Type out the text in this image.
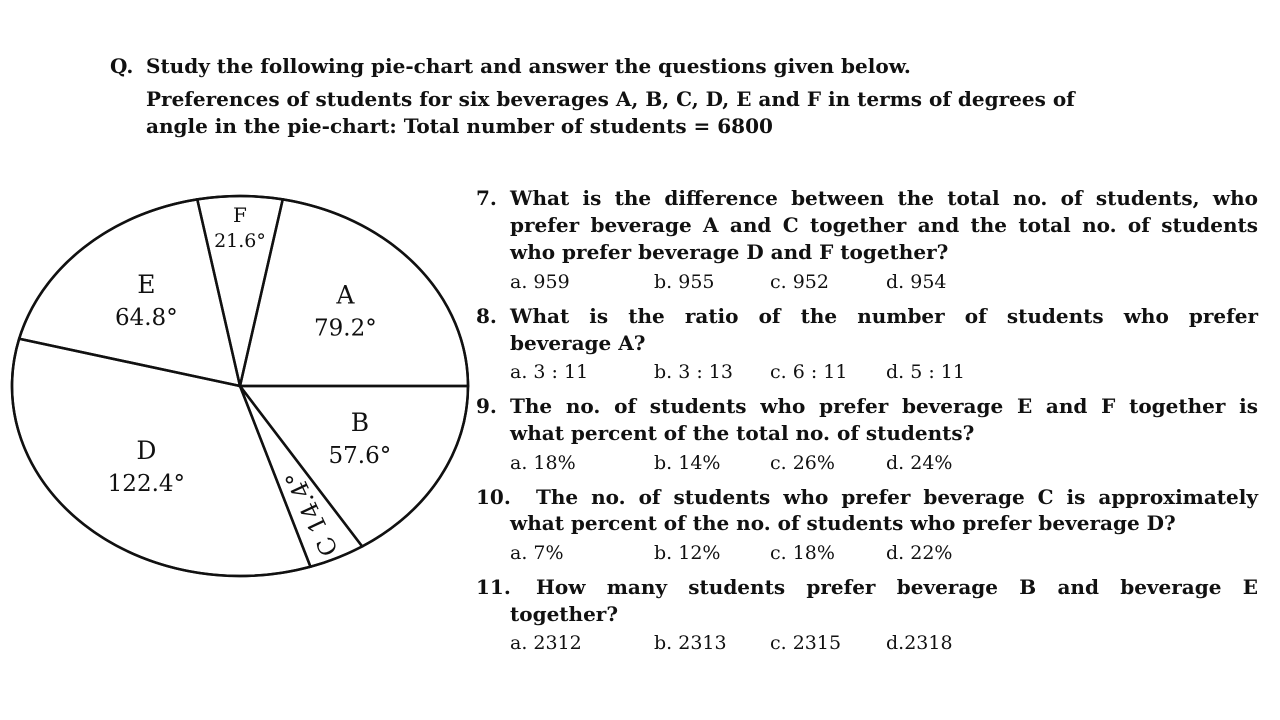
Q. Study the following pie-chart and answer the questions given below.
Preferences of students for six beverages A, B, C, D, E and F in terms of degrees of
angle in the pie-chart: Total number of students = 6800
A
79.2°
F
21.6°
E
64.8°
D
122.4°	C 14.4°
B
57.6°
7. What is the difference between the total no. of students, who
prefer beverage A and C together and the total no. of students
who prefer beverage D and F together?
a. 959	b. 955	c. 952	d. 954
8. What is the ratio of the number of students who prefer
beverage A?
a. 3 : 11	b. 3 : 13 c. 6 : 11 d. 5 : 11
9. The no. of students who prefer beverage E and F together is
what percent of the total no. of students?
a. 18%	b. 14%	c. 26%	d. 24%
10. The no. of students who prefer beverage C is approximately
what percent of the no. of students who prefer beverage D?
a. 7%	b. 12%	c. 18%	d. 22%
11. How many students prefer beverage B and beverage E
together?
a. 2312	b. 2313 c. 2315 d.2318
